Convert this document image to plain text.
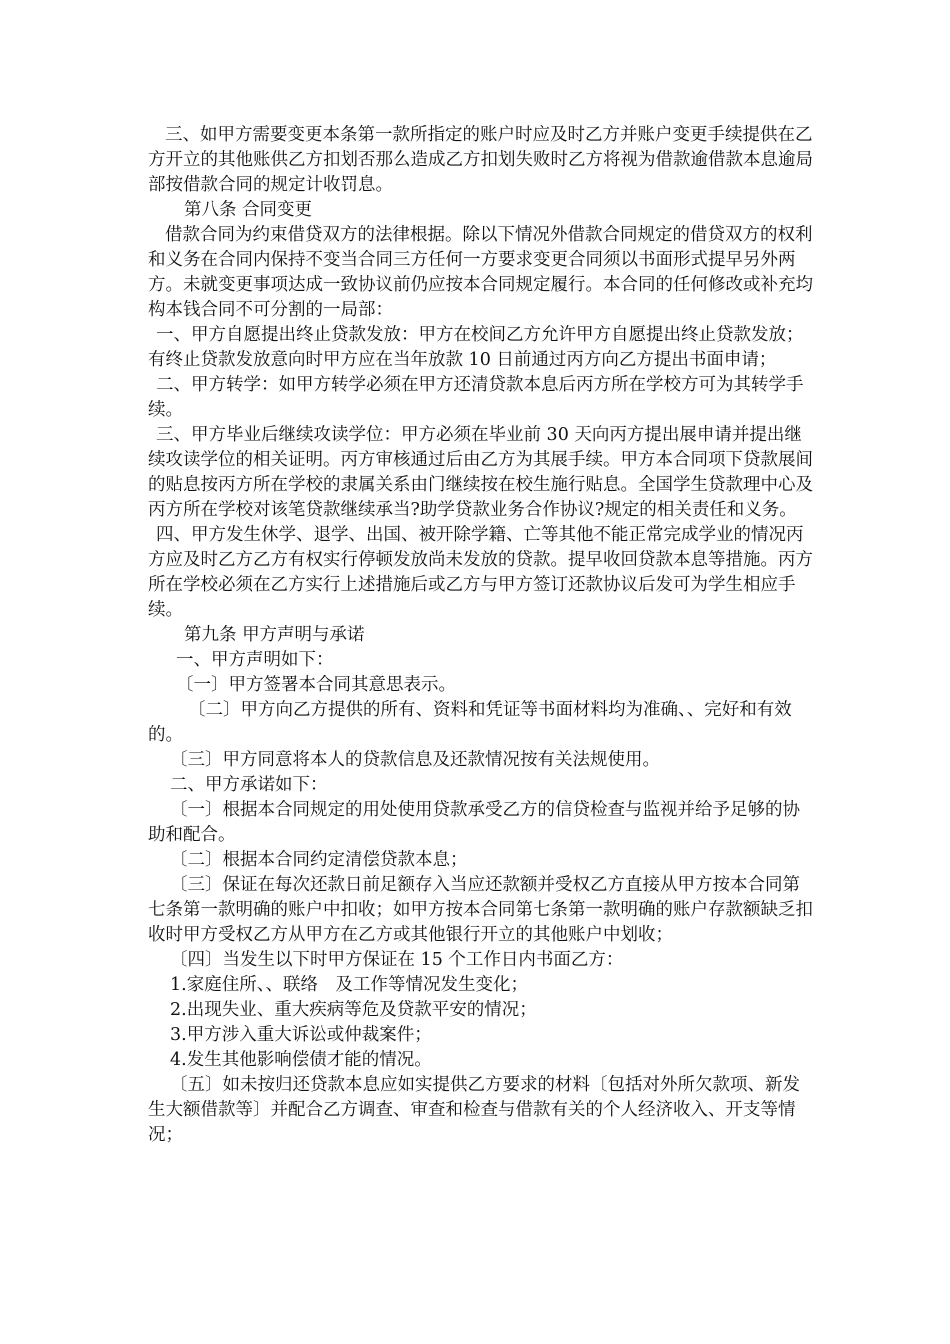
三、如甲方需要变更本条第一款所指定的账户时应及时乙方并账户变更手续提供在乙方开立的其他账供乙方扣划否那么造成乙方扣划失败时乙方将视为借款逾借款本息逾局部按借款合同的规定计收罚息。

第八条 合同变更

借款合同为约束借贷双方的法律根据。除以下情况外借款合同规定的借贷双方的权利和义务在合同内保持不变当合同三方任何一方要求变更合同须以书面形式提早另外两方。未就变更事项达成一致协议前仍应按本合同规定履行。本合同的任何修改或补充均构本钱合同不可分割的一局部：

一、甲方自愿提出终止贷款发放：甲方在校间乙方允许甲方自愿提出终止贷款发放；有终止贷款发放意向时甲方应在当年放款 10 日前通过丙方向乙方提出书面申请；

二、甲方转学：如甲方转学必须在甲方还清贷款本息后丙方所在学校方可为其转学手续。

三、甲方毕业后继续攻读学位：甲方必须在毕业前 30 天向丙方提出展申请并提出继续攻读学位的相关证明。丙方审核通过后由乙方为其展手续。甲方本合同项下贷款展间的贴息按丙方所在学校的隶属关系由门继续按在校生施行贴息。全国学生贷款理中心及丙方所在学校对该笔贷款继续承当?助学贷款业务合作协议?规定的相关责任和义务。

四、甲方发生休学、退学、出国、被开除学籍、亡等其他不能正常完成学业的情况丙方应及时乙方乙方有权实行停顿发放尚未发放的贷款。提早收回贷款本息等措施。丙方所在学校必须在乙方实行上述措施后或乙方与甲方签订还款协议后发可为学生相应手续。

第九条 甲方声明与承诺

一、甲方声明如下：

〔一〕甲方签署本合同其意思表示。

〔二〕甲方向乙方提供的所有、资料和凭证等书面材料均为准确、、完好和有效的。

〔三〕甲方同意将本人的贷款信息及还款情况按有关法规使用。

二、甲方承诺如下：

〔一〕根据本合同规定的用处使用贷款承受乙方的信贷检查与监视并给予足够的协助和配合。

〔二〕根据本合同约定清偿贷款本息；

〔三〕保证在每次还款日前足额存入当应还款额并受权乙方直接从甲方按本合同第七条第一款明确的账户中扣收；如甲方按本合同第七条第一款明确的账户存款额缺乏扣收时甲方受权乙方从甲方在乙方或其他银行开立的其他账户中划收；

〔四〕当发生以下时甲方保证在 15 个工作日内书面乙方：

1.家庭住所、、联络　及工作等情况发生变化；

2.出现失业、重大疾病等危及贷款平安的情况；

3.甲方涉入重大诉讼或仲裁案件；

4.发生其他影响偿债才能的情况。

〔五〕如未按归还贷款本息应如实提供乙方要求的材料〔包括对外所欠款项、新发生大额借款等〕并配合乙方调查、审查和检查与借款有关的个人经济收入、开支等情况；
